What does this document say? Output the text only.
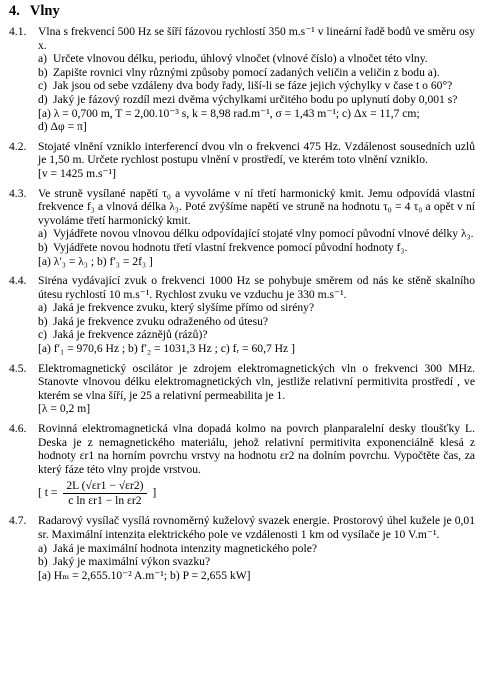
4. Vlny
4.1.	Vlna s frekvencí 500 Hz se šíří fázovou rychlostí 350 m.s⁻¹ v lineární řadě bodů ve směru osy x.

a) Určete vlnovou délku, periodu, úhlový vlnočet (vlnové číslo) a vlnočet této vlny.
b) Zapište rovnici vlny různými způsoby pomocí zadaných veličin a veličin z bodu a).
c) Jak jsou od sebe vzdáleny dva body řady, liší-li se fáze jejich výchylky v čase t o 60°?
d) Jaký je fázový rozdíl mezi dvěma výchylkami určitého bodu po uplynutí doby 0,001 s?

[a) λ = 0,700 m, T = 2,00.10⁻³ s, k = 8,98 rad.m⁻¹, σ = 1,43 m⁻¹; c) Δx = 11,7 cm;

d) Δφ = π]

4.2.	Stojaté vlnění vzniklo interferencí dvou vln o frekvenci 475 Hz. Vzdálenost sousedních uzlů je 1,50 m. Určete rychlost postupu vlnění v prostředí, ve kterém toto vlnění vzniklo.

[v = 1425 m.s⁻¹]

4.3.	Ve struně vysílané napětí τ₀ a vyvoláme v ní třetí harmonický kmit. Jemu odpovídá vlastní frekvence f₃ a vlnová délka λ₃. Poté zvýšíme napětí ve struně na hodnotu τ₀ = 4 τ₀ a opět v ní vyvoláme třetí harmonický kmit.

a) Vyjádřete novou vlnovou délku odpovídající stojaté vlny pomocí původní vlnové délky λ₃.
b) Vyjádřete novou hodnotu třetí vlastní frekvence pomocí původní hodnoty f₃.

[a) λ′₃ = λ₃ ; b) f′₃ = 2f₃ ]

4.4.	Siréna vydávající zvuk o frekvenci 1000 Hz se pohybuje směrem od nás ke stěně skalního útesu rychlostí 10 m.s⁻¹. Rychlost zvuku ve vzduchu je 330 m.s⁻¹.

a) Jaká je frekvence zvuku, který slyšíme přímo od sirény?
b) Jaká je frekvence zvuku odraženého od útesu?
c) Jaká je frekvence záznějů (rázů)?

[a) f′₁ = 970,6 Hz ; b) f′₂ = 1031,3 Hz ; c) fᵣ = 60,7 Hz ]

4.5.	Elektromagnetický oscilátor je zdrojem elektromagnetických vln o frekvenci 300 MHz. Stanovte vlnovou délku elektromagnetických vln, jestliže relativní permitivita prostředí , ve kterém se vlna šíří, je 25 a relativní permeabilita je 1.

[λ = 0,2 m]

4.6.	Rovinná elektromagnetická vlna dopadá kolmo na povrch planparalelní desky tloušťky L. Deska je z nemagnetického materiálu, jehož relativní permitivita exponenciálně klesá z hodnoty εr1 na horním povrchu vrstvy na hodnotu εr2 na dolním povrchu. Vypočtěte čas, za který fáze této vlny projde vrstvou.

[ $t = \frac{2L (√\varepsilon r1 - √\varepsilon r2)}{\text{c ln εr1 − ln εr2}}$ ]
4.7.	Radarový vysílač vysílá rovnoměrný kuželový svazek energie. Prostorový úhel kužele je 0,01 sr. Maximální intenzita elektrického pole ve vzdálenosti 1 km od vysílače je 10 V.m⁻¹.

a) Jaká je maximální hodnota intenzity magnetického pole?
b) Jaký je maximální výkon svazku?

[a) Hₘ = 2,655.10⁻² A.m⁻¹; b) P = 2,655 kW]
